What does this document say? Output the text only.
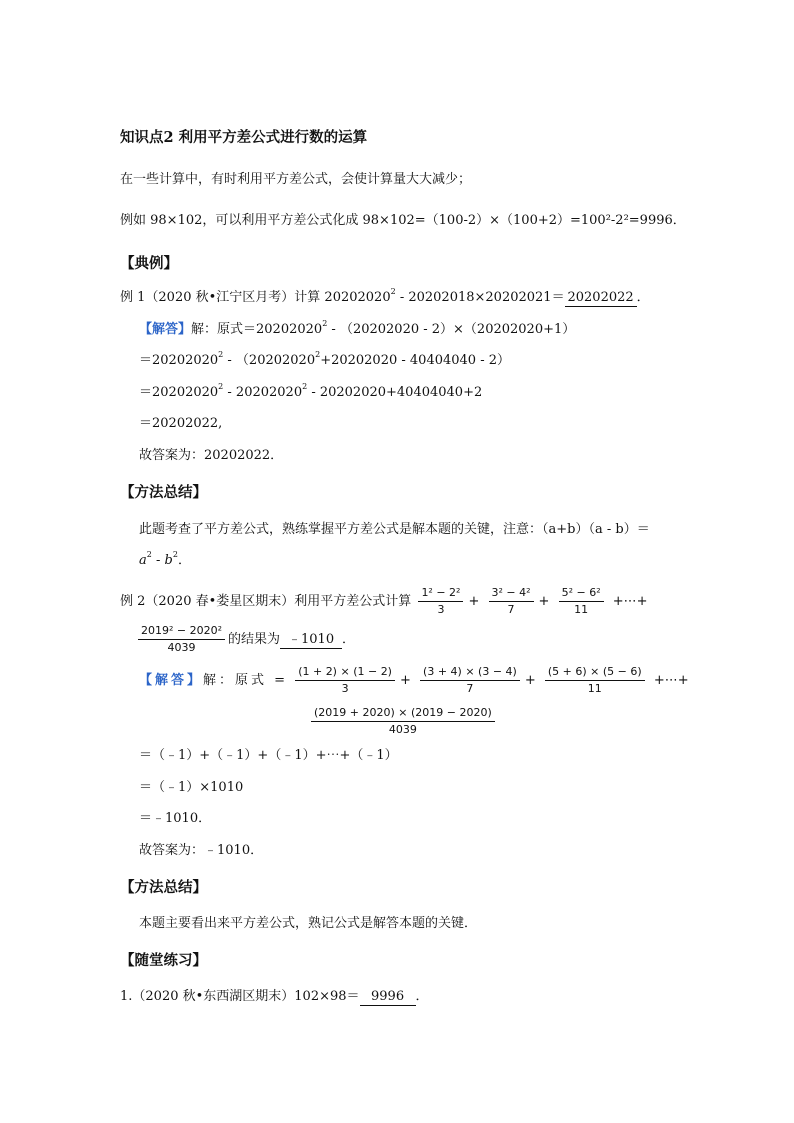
知识点2 利用平方差公式进行数的运算
在一些计算中，有时利用平方差公式，会使计算量大大减少；
例如 98×102，可以利用平方差公式化成 98×102=（100-2）×（100+2）=100²-2²=9996．
【典例】
例 1（2020 秋•江宁区月考）计算 20202020$^2$ - 20202018×20202021＝ 20202022 ．
【解答】解：原式$=20202020^2 - (20202020 - 2)\times(20202020+1)$
$=20202020^2 - (20202020^2+20202020 - 40404040 - 2)$
$=20202020^2 - 20202020^2 - 20202020+40404040+2$
＝20202022,
故答案为：20202022．
【方法总结】
此题考查了平方差公式，熟练掌握平方差公式是解本题的关键，注意：（a+b）（a - b）＝
$a^2 - b^2$．
例 2（2020 春•娄星区期末）利用平方差公式计算 $\frac{\text{1² − 2²}}{3} + \frac{\text{3² − 4²}}{7} + \frac{\text{5² − 6²}}{11}$ +⋯+
$\frac{\text{2019² − 2020²}}{4039}$ 的结果为 ﹣1010 ．
【解答】解：原式 = $\frac{(1 + 2) \times (1 - 2)}{3} + \frac{(3 + 4) \times (3 - 4)}{7} + \frac{(5 + 6) \times (5 - 6)}{11}$ +⋯+
$\frac{(2019 + 2020) \times (2019 - 2020)}{4039}$
＝（﹣1）+（﹣1）+（﹣1）+⋯+（﹣1）
＝（﹣1）×1010
＝﹣1010．
故答案为：﹣1010．
【方法总结】
本题主要看出来平方差公式，熟记公式是解答本题的关键．
【随堂练习】
1.（2020 秋•东西湖区期末）102×98＝ 9996 ．
